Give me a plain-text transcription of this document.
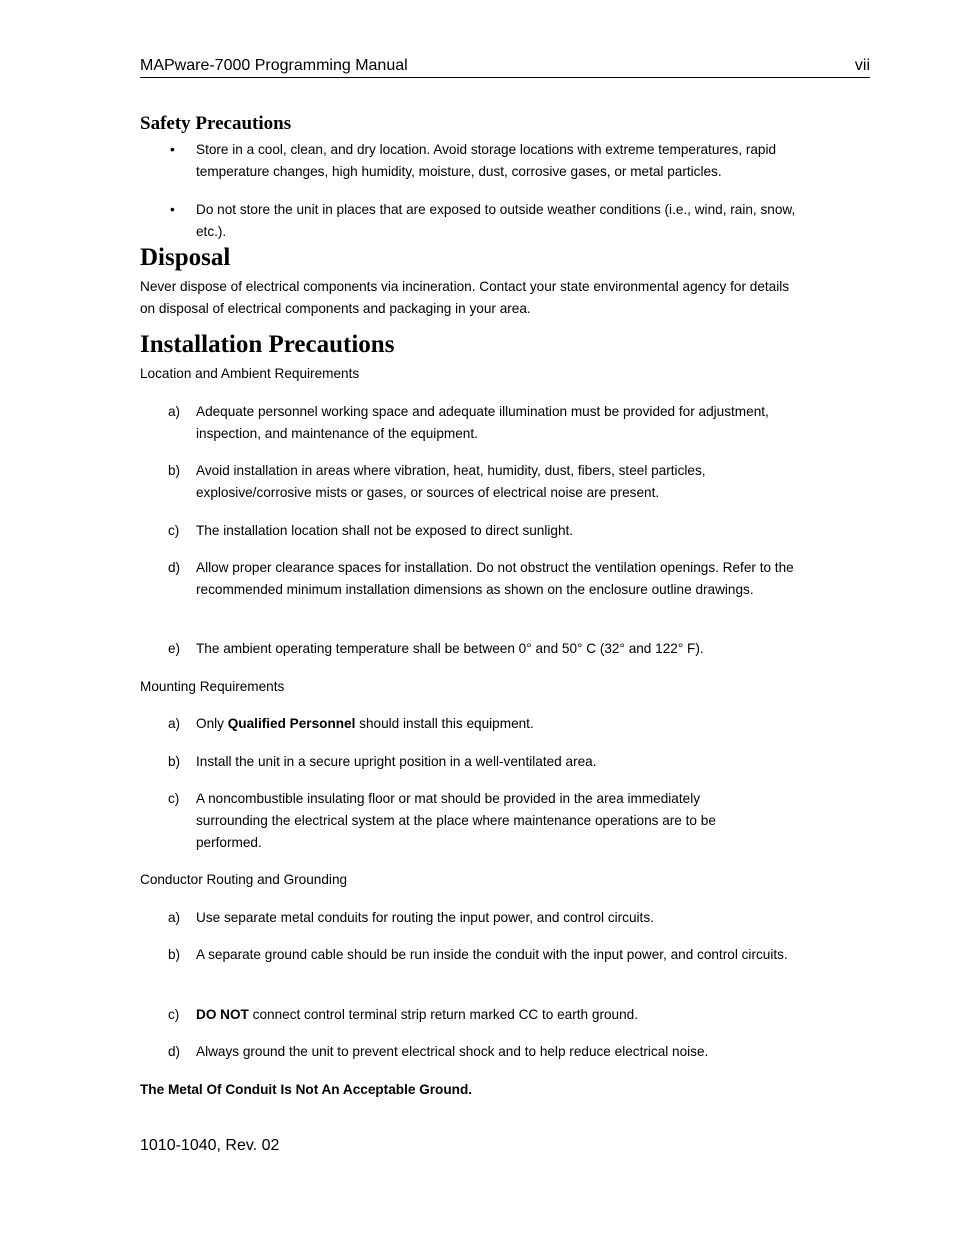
MAPware-7000 Programming Manual	vii
Safety Precautions
• Store in a cool, clean, and dry location. Avoid storage locations with extreme temperatures, rapid temperature changes, high humidity, moisture, dust, corrosive gases, or metal particles.
• Do not store the unit in places that are exposed to outside weather conditions (i.e., wind, rain, snow, etc.).
Disposal
Never dispose of electrical components via incineration. Contact your state environmental agency for details on disposal of electrical components and packaging in your area.
Installation Precautions
Location and Ambient Requirements
a) Adequate personnel working space and adequate illumination must be provided for adjustment, inspection, and maintenance of the equipment.
b) Avoid installation in areas where vibration, heat, humidity, dust, fibers, steel particles, explosive/corrosive mists or gases, or sources of electrical noise are present.
c) The installation location shall not be exposed to direct sunlight.
d) Allow proper clearance spaces for installation. Do not obstruct the ventilation openings. Refer to the recommended minimum installation dimensions as shown on the enclosure outline drawings.
e) The ambient operating temperature shall be between 0° and 50° C (32° and 122° F).
Mounting Requirements
a) Only Qualified Personnel should install this equipment.
b) Install the unit in a secure upright position in a well-ventilated area.
c) A noncombustible insulating floor or mat should be provided in the area immediately surrounding the electrical system at the place where maintenance operations are to be performed.
Conductor Routing and Grounding
a) Use separate metal conduits for routing the input power, and control circuits.
b) A separate ground cable should be run inside the conduit with the input power, and control circuits.
c) DO NOT connect control terminal strip return marked CC to earth ground.
d) Always ground the unit to prevent electrical shock and to help reduce electrical noise.
The Metal Of Conduit Is Not An Acceptable Ground.
1010-1040, Rev. 02
